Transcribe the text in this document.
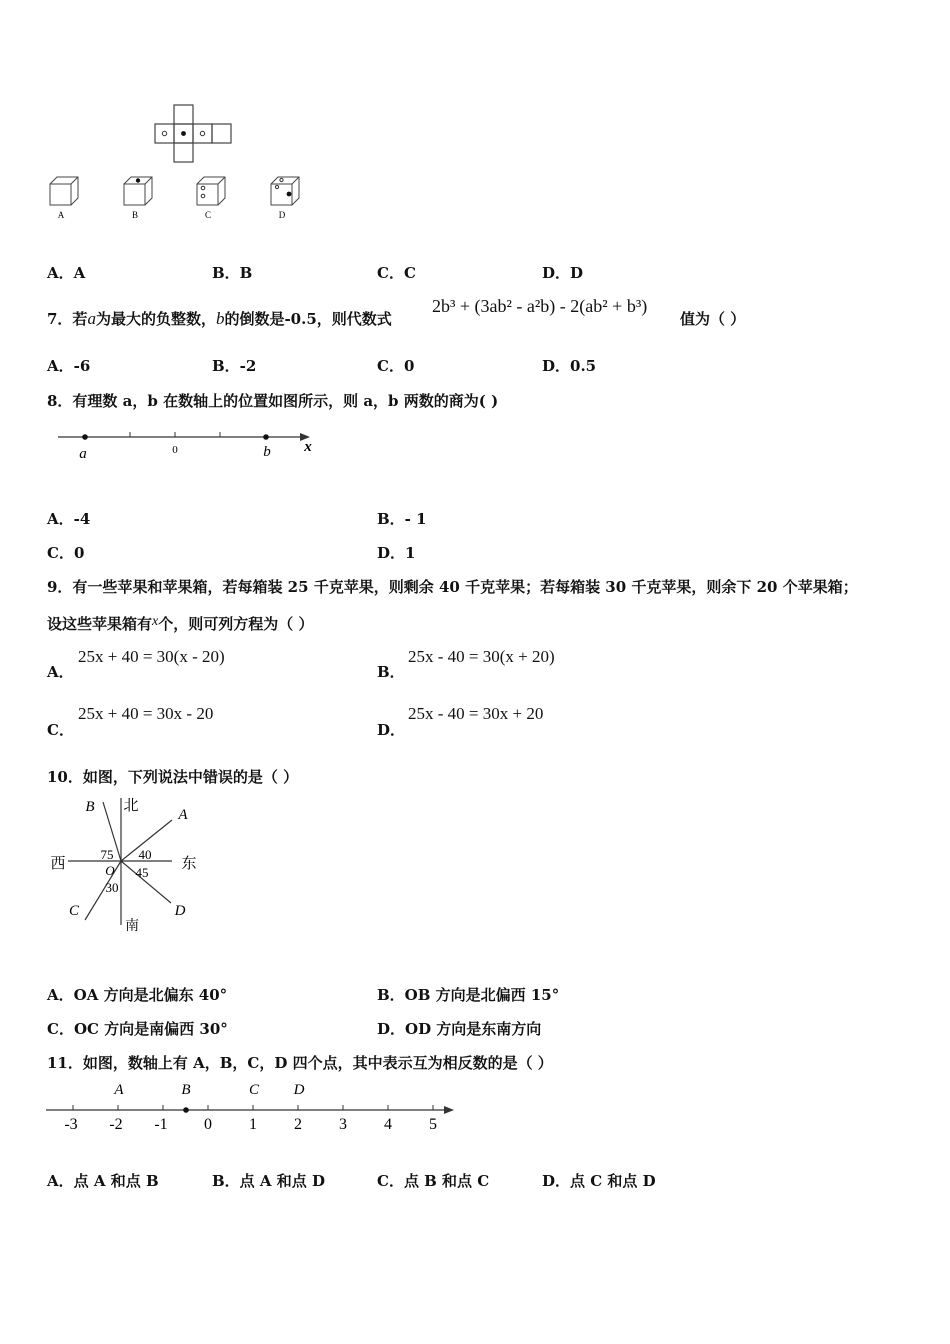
A	B	C	D
A．A	B．B	C．C	D．D
7．若a为最大的负整数，b的倒数是-0.5，则代数式
2b³ + (3ab² - a²b) - 2(ab² + b³)
值为（ ）
A．-6	B．-2	C．0	D．0.5
8．有理数 a，b 在数轴上的位置如图所示，则 a，b 两数的商为( )
a	0	b x
A．-4	B．- 1
C．0	D．1
9．有一些苹果和苹果箱，若每箱装 25 千克苹果，则剩余 40 千克苹果；若每箱装 30 千克苹果，则余下 20 个苹果箱；
设这些苹果箱有x个，则可列方程为（ ）
A．
25x + 40 = 30(x - 20)
B．
25x - 40 = 30(x + 20)
C．
25x + 40 = 30x - 20
D．
25x - 40 = 30x + 20
10．如图，下列说法中错误的是（ ）
北
南
东
西
A
B
C	D
O
40
75
45
30
A．OA 方向是北偏东 40°	B．OB 方向是北偏西 15°
C．OC 方向是南偏西 30°	D．OD 方向是东南方向
11．如图，数轴上有 A，B，C，D 四个点，其中表示互为相反数的是（ ）
A	B	C D
-3 -2 -1 0 1 2 3 4 5
A．点 A 和点 B	B．点 A 和点 D	C．点 B 和点 C	D．点 C 和点 D
